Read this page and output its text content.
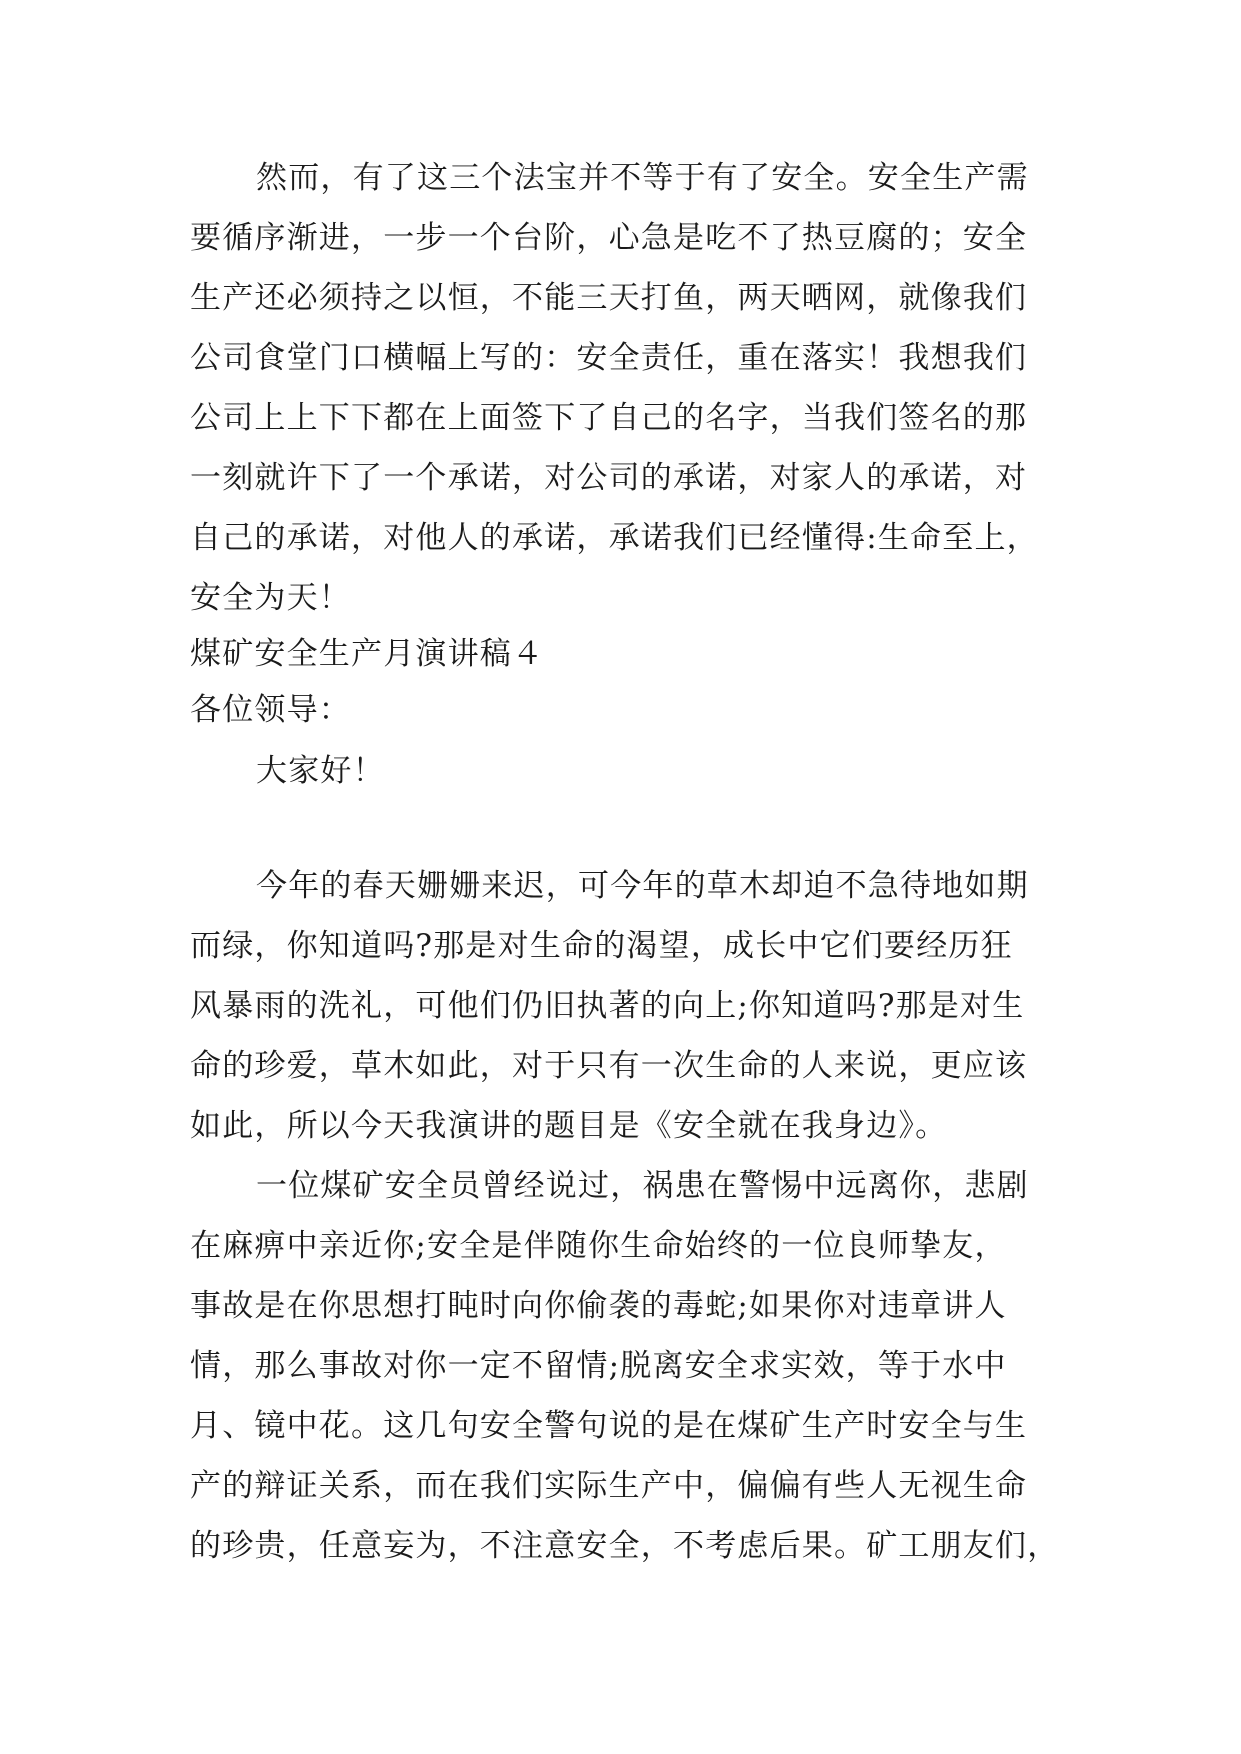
然而，有了这三个法宝并不等于有了安全。安全生产需
要循序渐进，一步一个台阶，心急是吃不了热豆腐的；安全
生产还必须持之以恒，不能三天打鱼，两天晒网，就像我们
公司食堂门口横幅上写的：安全责任，重在落实！我想我们
公司上上下下都在上面签下了自己的名字，当我们签名的那
一刻就许下了一个承诺，对公司的承诺，对家人的承诺，对
自己的承诺，对他人的承诺，承诺我们已经懂得:生命至上，
安全为天！
煤矿安全生产月演讲稿４
各位领导：
大家好！
今年的春天姗姗来迟，可今年的草木却迫不急待地如期
而绿，你知道吗?那是对生命的渴望，成长中它们要经历狂
风暴雨的洗礼，可他们仍旧执著的向上;你知道吗?那是对生
命的珍爱，草木如此，对于只有一次生命的人来说，更应该
如此，所以今天我演讲的题目是《安全就在我身边》。
一位煤矿安全员曾经说过，祸患在警惕中远离你，悲剧
在麻痹中亲近你;安全是伴随你生命始终的一位良师挚友，
事故是在你思想打盹时向你偷袭的毒蛇;如果你对违章讲人
情，那么事故对你一定不留情;脱离安全求实效，等于水中
月、镜中花。这几句安全警句说的是在煤矿生产时安全与生
产的辩证关系，而在我们实际生产中，偏偏有些人无视生命
的珍贵，任意妄为，不注意安全，不考虑后果。矿工朋友们，
